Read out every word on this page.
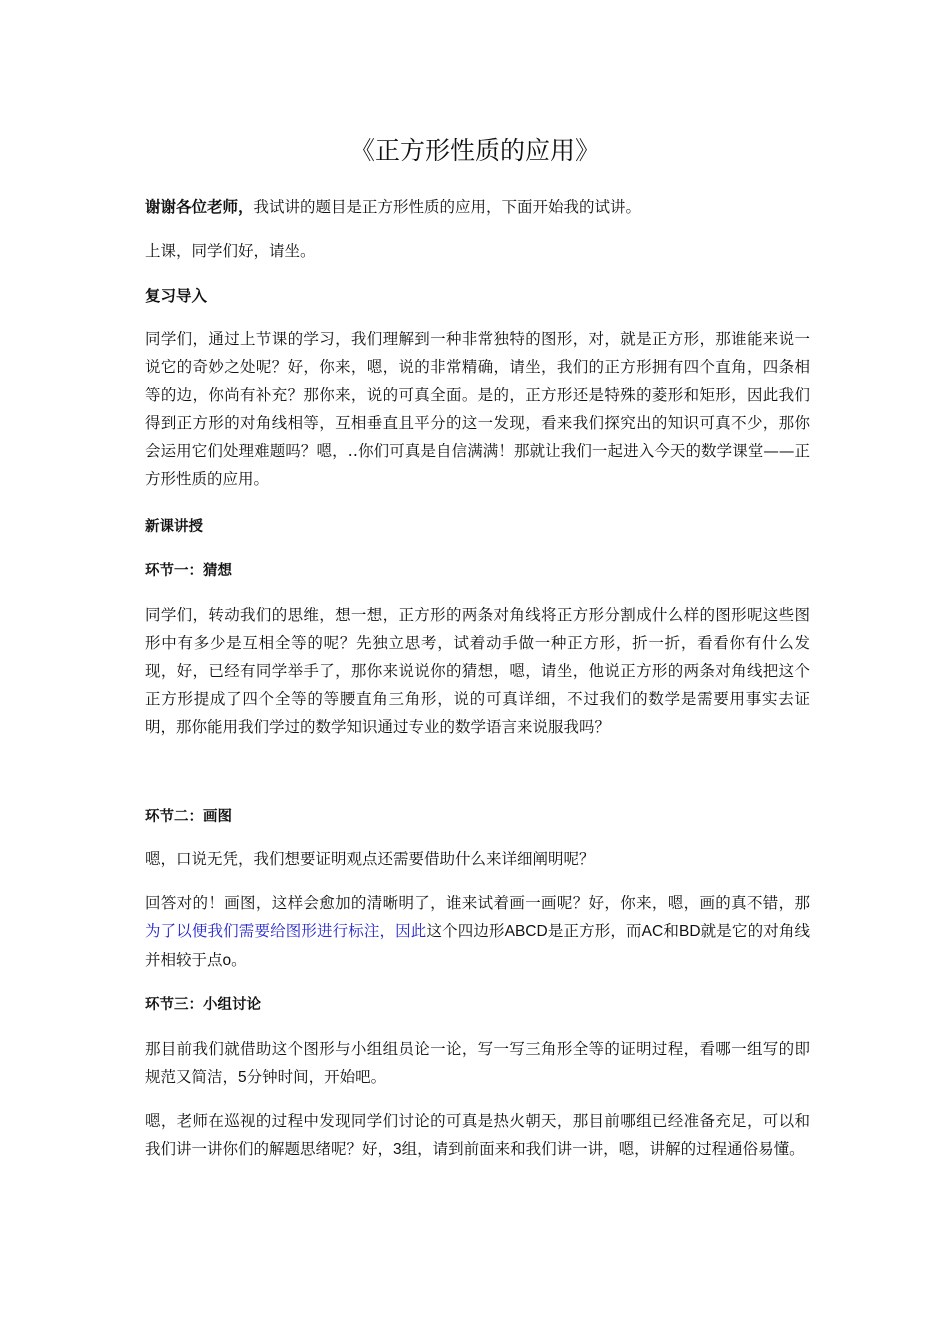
《正方形性质的应用》

谢谢各位老师，我试讲的题目是正方形性质的应用，下面开始我的试讲。

上课，同学们好，请坐。

复习导入

同学们，通过上节课的学习，我们理解到一种非常独特的图形，对，就是正方形，那谁能来说一说它的奇妙之处呢？好，你来，嗯，说的非常精确，请坐，我们的正方形拥有四个直角，四条相等的边，你尚有补充？那你来，说的可真全面。是的，正方形还是特殊的菱形和矩形，因此我们得到正方形的对角线相等，互相垂直且平分的这一发现，看来我们探究出的知识可真不少，那你会运用它们处理难题吗？嗯，‥你们可真是自信满满！那就让我们一起进入今天的数学课堂——正方形性质的应用。

新课讲授

环节一：猜想

同学们，转动我们的思维，想一想，正方形的两条对角线将正方形分割成什么样的图形呢这些图形中有多少是互相全等的呢？先独立思考，试着动手做一种正方形，折一折，看看你有什么发现，好，已经有同学举手了，那你来说说你的猜想，嗯，请坐，他说正方形的两条对角线把这个正方形提成了四个全等的等腰直角三角形，说的可真详细，不过我们的数学是需要用事实去证明，那你能用我们学过的数学知识通过专业的数学语言来说服我吗？

环节二：画图

嗯，口说无凭，我们想要证明观点还需要借助什么来详细阐明呢？

回答对的！画图，这样会愈加的清晰明了，谁来试着画一画呢？好，你来，嗯，画的真不错，那为了以便我们需要给图形进行标注，因此这个四边形ABCD是正方形，而AC和BD就是它的对角线并相较于点o。

环节三：小组讨论

那目前我们就借助这个图形与小组组员论一论，写一写三角形全等的证明过程，看哪一组写的即规范又简洁，5分钟时间，开始吧。

嗯，老师在巡视的过程中发现同学们讨论的可真是热火朝天，那目前哪组已经准备充足，可以和我们讲一讲你们的解题思绪呢？好，3组，请到前面来和我们讲一讲，嗯，讲解的过程通俗易懂。
